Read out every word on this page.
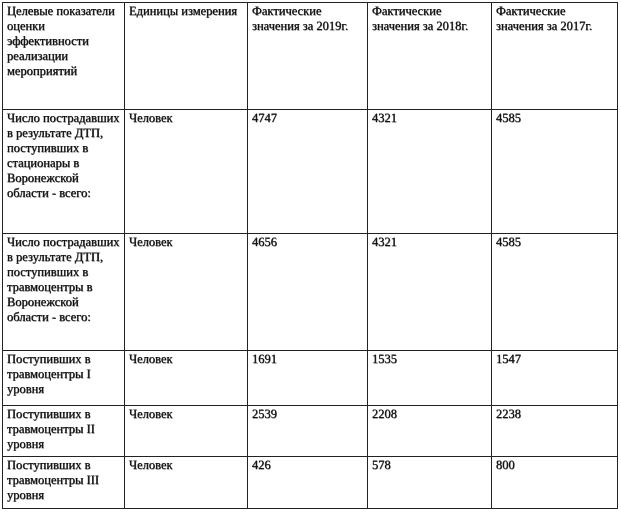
Целевые показатели оценки эффективности реализации мероприятий	Единицы измерения	Фактические значения за 2019г.	Фактические значения за 2018г.	Фактические значения за 2017г.
Число пострадавших в результате ДТП, поступивших в стационары в Воронежской области - всего:	Человек	4747	4321	4585
Число пострадавших в результате ДТП, поступивших в травмоцентры в Воронежской области - всего:	Человек	4656	4321	4585
Поступивших в травмоцентры I уровня	Человек	1691	1535	1547
Поступивших в травмоцентры II уровня	Человек	2539	2208	2238
Поступивших в травмоцентры III уровня	Человек	426	578	800
